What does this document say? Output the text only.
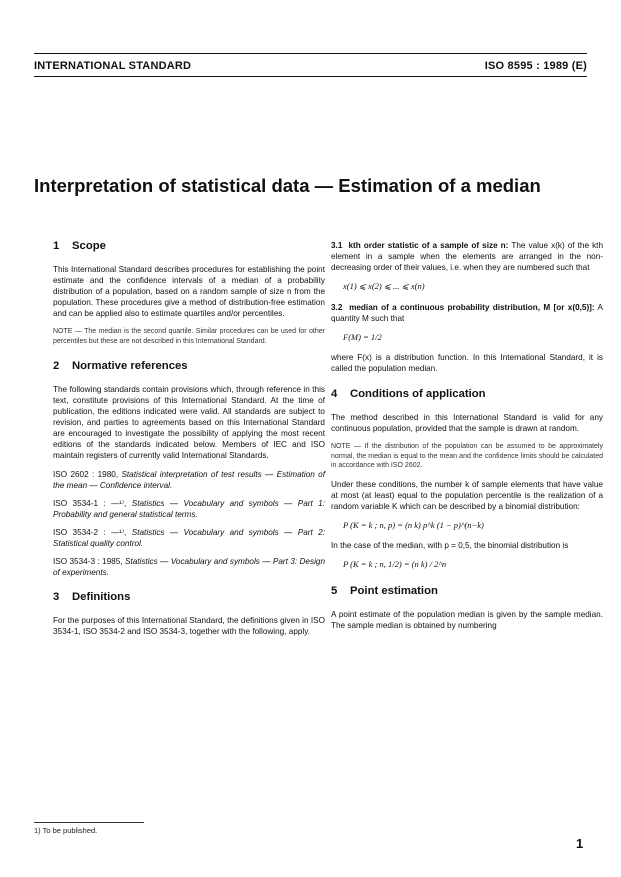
INTERNATIONAL STANDARD	ISO 8595 : 1989 (E)
Interpretation of statistical data — Estimation of a median
1 Scope

This International Standard describes procedures for establishing the point estimate and the confidence intervals of a median of a probability distribution of a population, based on a random sample of size n from the population. These procedures give a method of distribution-free estimation and can be applied also to estimate quartiles and/or percentiles.

NOTE — The median is the second quartile. Similar procedures can be used for other percentiles but these are not described in this International Standard.
2 Normative references

The following standards contain provisions which, through reference in this text, constitute provisions of this International Standard. At the time of publication, the editions indicated were valid. All standards are subject to revision, and parties to agreements based on this International Standard are encouraged to investigate the possibility of applying the most recent editions of the standards indicated below. Members of IEC and ISO maintain registers of currently valid International Standards.

ISO 2602 : 1980, Statistical interpretation of test results — Estimation of the mean — Confidence interval.
ISO 3534-1 : —¹⁾, Statistics — Vocabulary and symbols — Part 1: Probability and general statistical terms.
ISO 3534-2 : —¹⁾, Statistics — Vocabulary and symbols — Part 2: Statistical quality control.
ISO 3534-3 : 1985, Statistics — Vocabulary and symbols — Part 3: Design of experiments.
3 Definitions

For the purposes of this International Standard, the definitions given in ISO 3534-1, ISO 3534-2 and ISO 3534-3, together with the following, apply.

3.1 kth order statistic of a sample of size n: The value x(k) of the kth element in a sample when the elements are arranged in the non-decreasing order of their values, i.e. when they are numbered such that

x(1) ⩽ x(2) ⩽ ... ⩽ x(n)

3.2 median of a continuous probability distribution, M [or x(0,5)]: A quantity M such that

F(M) = 1/2

where F(x) is a distribution function. In this International Standard, it is called the population median.

4 Conditions of application

The method described in this International Standard is valid for any continuous population, provided that the sample is drawn at random.

NOTE — If the distribution of the population can be assumed to be approximately normal, the median is equal to the mean and the confidence limits should be calculated in accordance with ISO 2602.

Under these conditions, the number k of sample elements that have value at most (at least) equal to the population percentile is the realization of a random variable K which can be described by a binomial distribution:

P (K = k ; n, p) = (n k) p^k (1 − p)^(n−k)

In the case of the median, with p = 0,5, the binomial distribution is

P (K = k ; n, 1/2) = (n k) / 2^n
5 Point estimation

A point estimate of the population median is given by the sample median. The sample median is obtained by numbering

1) To be published.
1
